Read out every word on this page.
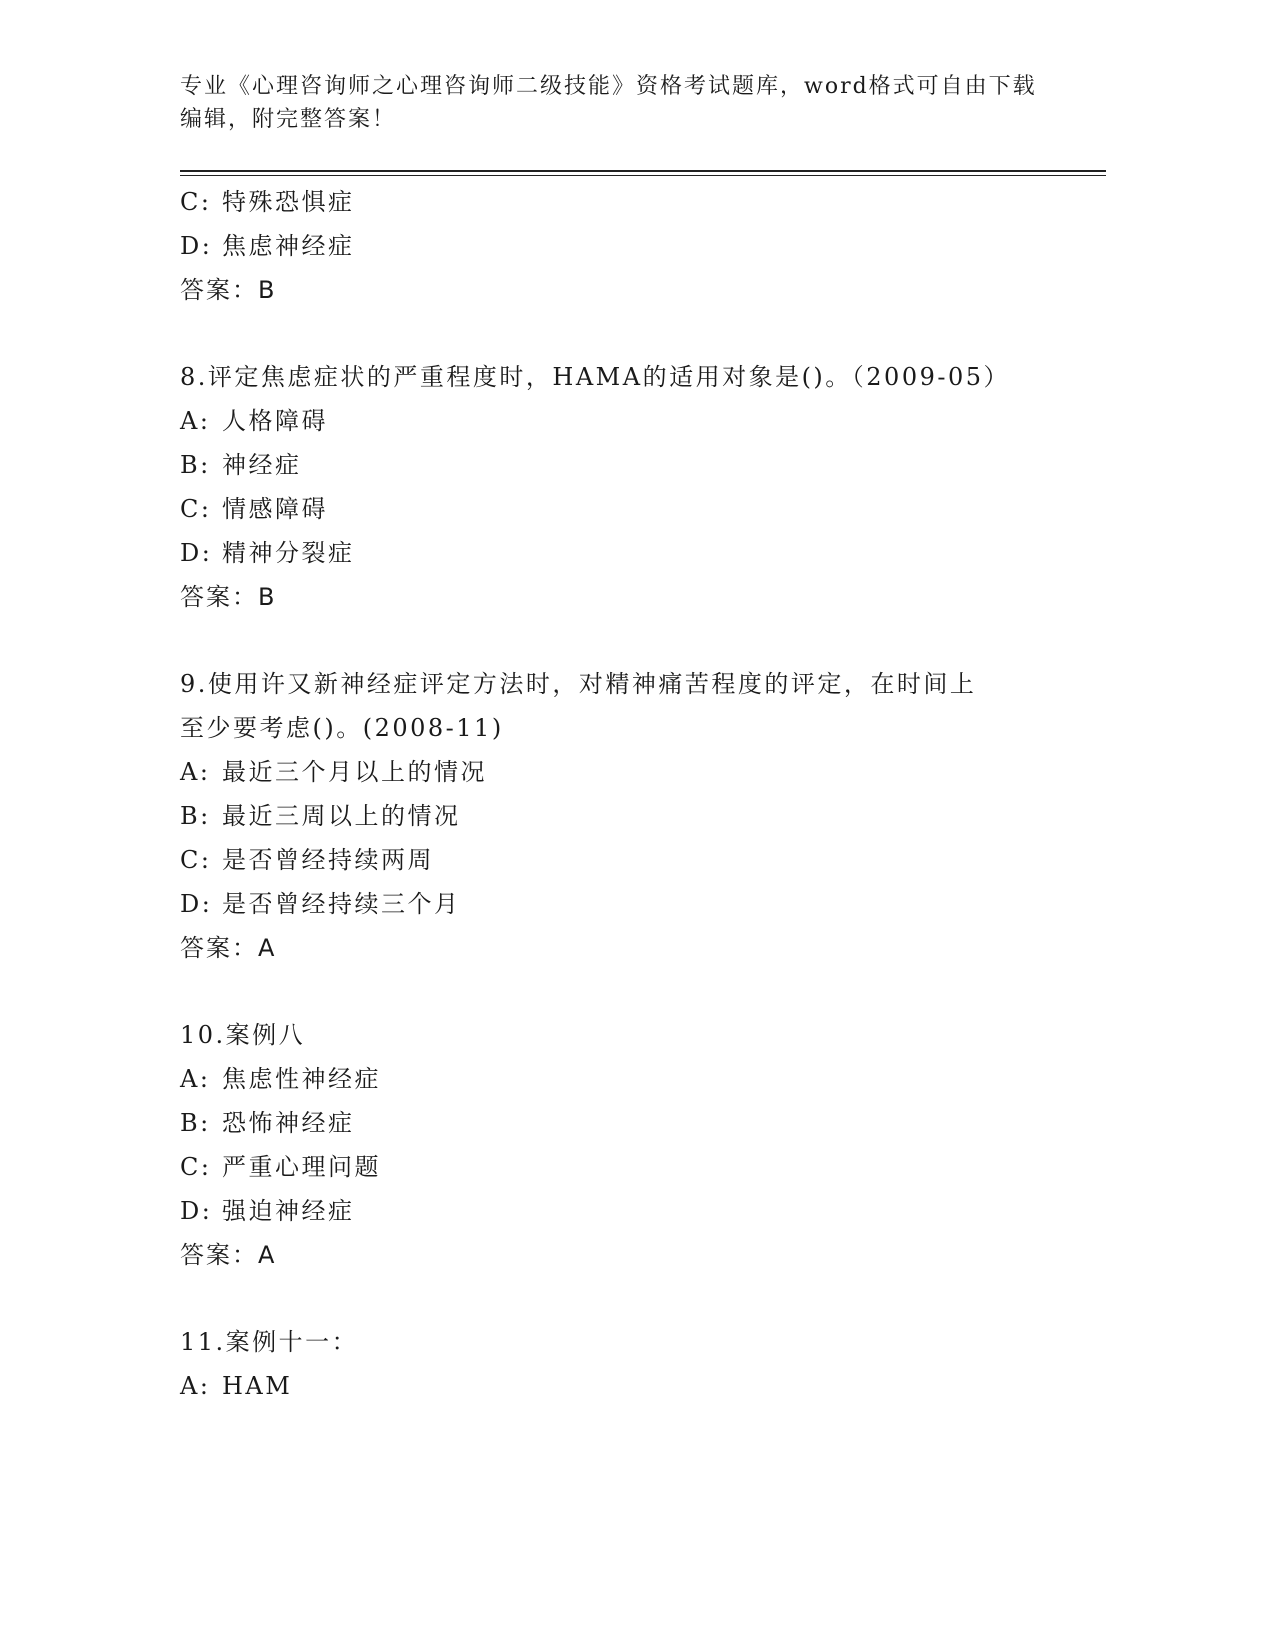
专业《心理咨询师之心理咨询师二级技能》资格考试题库，word格式可自由下载
编辑，附完整答案！
C: 特殊恐惧症
D: 焦虑神经症
答案：B
8.评定焦虑症状的严重程度时，HAMA的适用对象是()。（2009-05）
A: 人格障碍
B: 神经症
C: 情感障碍
D: 精神分裂症
答案：B
9.使用许又新神经症评定方法时，对精神痛苦程度的评定，在时间上
至少要考虑()。(2008-11)
A: 最近三个月以上的情况
B: 最近三周以上的情况
C: 是否曾经持续两周
D: 是否曾经持续三个月
答案：A
10.案例八
A: 焦虑性神经症
B: 恐怖神经症
C: 严重心理问题
D: 强迫神经症
答案：A
11.案例十一：
A: HAM
